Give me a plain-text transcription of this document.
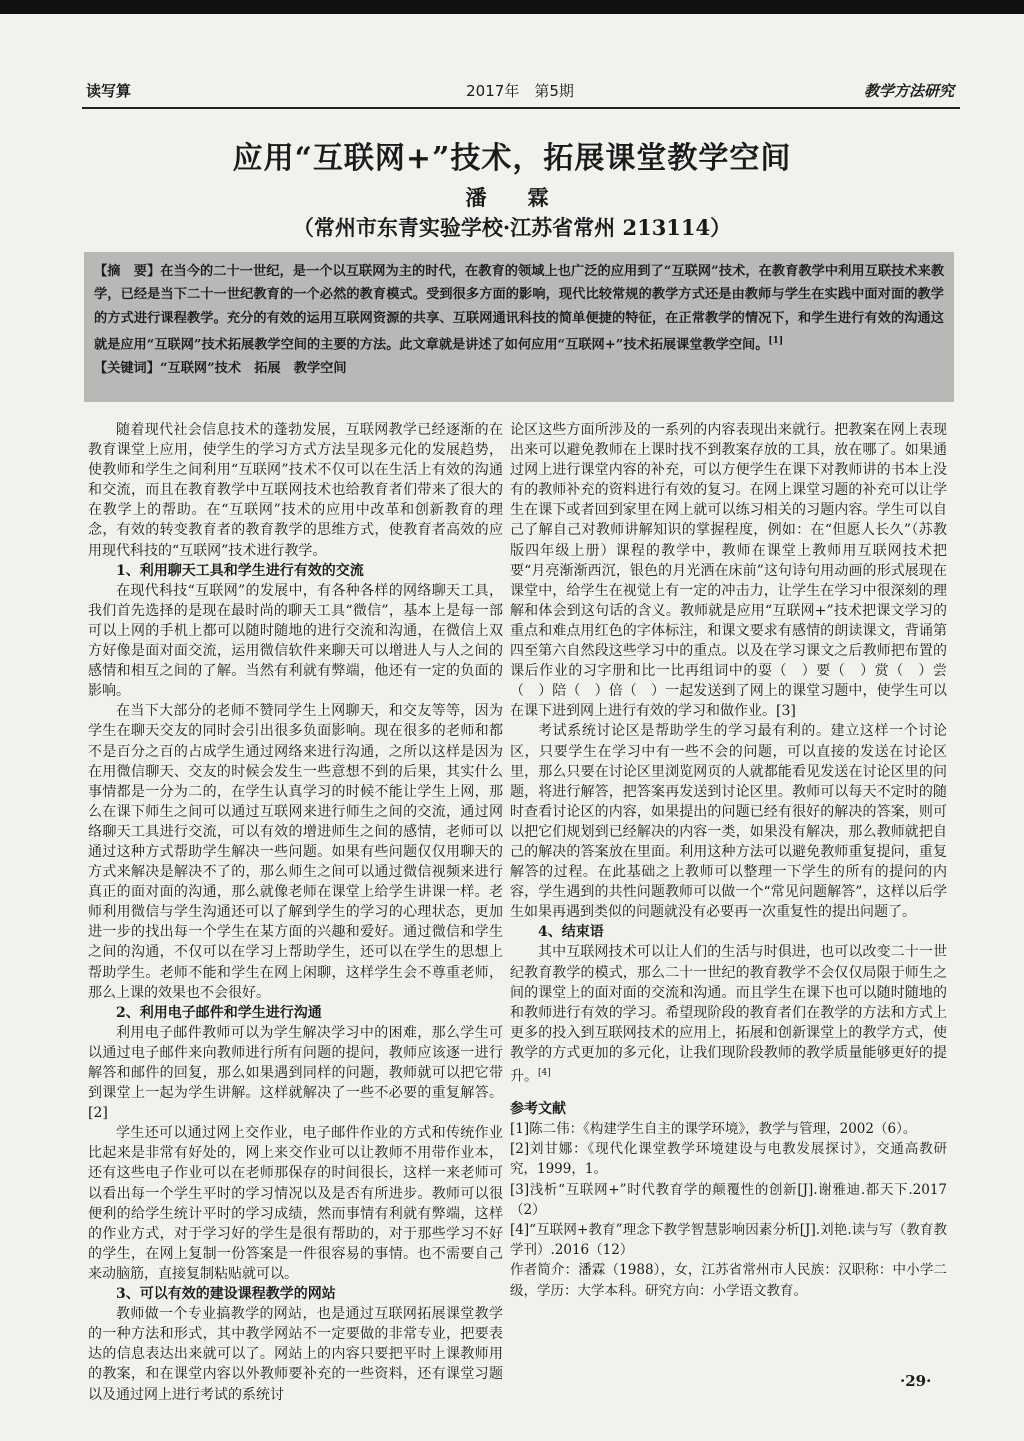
读写算	2017年　第5期	教学方法研究
应用“互联网+”技术，拓展课堂教学空间
潘　霖
（常州市东青实验学校·江苏省常州 213114）

【摘　要】在当今的二十一世纪，是一个以互联网为主的时代，在教育的领域上也广泛的应用到了“互联网”技术，在教育教学中利用互联技术来教学，已经是当下二十一世纪教育的一个必然的教育模式。受到很多方面的影响，现代比较常规的教学方式还是由教师与学生在实践中面对面的教学的方式进行课程教学。充分的有效的运用互联网资源的共享、互联网通讯科技的简单便捷的特征，在正常教学的情况下，和学生进行有效的沟通这就是应用“互联网”技术拓展教学空间的主要的方法。此文章就是讲述了如何应用“互联网+”技术拓展课堂教学空间。[1]

【关键词】“互联网”技术　拓展　教学空间

随着现代社会信息技术的蓬勃发展，互联网教学已经逐渐的在教育课堂上应用，使学生的学习方式方法呈现多元化的发展趋势，使教师和学生之间利用“互联网”技术不仅可以在生活上有效的沟通和交流，而且在教育教学中互联网技术也给教育者们带来了很大的在教学上的帮助。在“互联网”技术的应用中改革和创新教育的理念，有效的转变教育者的教育教学的思维方式，使教育者高效的应用现代科技的“互联网”技术进行教学。

1、利用聊天工具和学生进行有效的交流

在现代科技“互联网”的发展中，有各种各样的网络聊天工具，我们首先选择的是现在最时尚的聊天工具“微信”，基本上是每一部可以上网的手机上都可以随时随地的进行交流和沟通，在微信上双方好像是面对面交流，运用微信软件来聊天可以增进人与人之间的感情和相互之间的了解。当然有利就有弊端，他还有一定的负面的影响。

在当下大部分的老师不赞同学生上网聊天，和交友等等，因为学生在聊天交友的同时会引出很多负面影响。现在很多的老师和都不是百分之百的占成学生通过网络来进行沟通，之所以这样是因为在用微信聊天、交友的时候会发生一些意想不到的后果，其实什么事情都是一分为二的，在学生认真学习的时候不能让学生上网，那么在课下师生之间可以通过互联网来进行师生之间的交流，通过网络聊天工具进行交流，可以有效的增进师生之间的感情，老师可以通过这种方式帮助学生解决一些问题。如果有些问题仅仅用聊天的方式来解决是解决不了的，那么师生之间可以通过微信视频来进行真正的面对面的沟通，那么就像老师在课堂上给学生讲课一样。老师利用微信与学生沟通还可以了解到学生的学习的心理状态，更加进一步的找出每一个学生在某方面的兴趣和爱好。通过微信和学生之间的沟通，不仅可以在学习上帮助学生，还可以在学生的思想上帮助学生。老师不能和学生在网上闲聊，这样学生会不尊重老师，那么上课的效果也不会很好。

2、利用电子邮件和学生进行沟通

利用电子邮件教师可以为学生解决学习中的困难，那么学生可以通过电子邮件来向教师进行所有问题的提问，教师应该逐一进行解答和邮件的回复，那么如果遇到同样的问题，教师就可以把它带到课堂上一起为学生讲解。这样就解决了一些不必要的重复解答。[2]

学生还可以通过网上交作业，电子邮件作业的方式和传统作业比起来是非常有好处的，网上来交作业可以让教师不用带作业本，还有这些电子作业可以在老师那保存的时间很长，这样一来老师可以看出每一个学生平时的学习情况以及是否有所进步。教师可以很便利的给学生统计平时的学习成绩，然而事情有利就有弊端，这样的作业方式，对于学习好的学生是很有帮助的，对于那些学习不好的学生，在网上复制一份答案是一件很容易的事情。也不需要自己来动脑筋，直接复制粘贴就可以。

3、可以有效的建设课程教学的网站

教师做一个专业搞教学的网站，也是通过互联网拓展课堂教学的一种方法和形式，其中教学网站不一定要做的非常专业，把要表达的信息表达出来就可以了。网站上的内容只要把平时上课教师用的教案，和在课堂内容以外教师要补充的一些资料，还有课堂习题以及通过网上进行考试的系统讨

论区这些方面所涉及的一系列的内容表现出来就行。把教案在网上表现出来可以避免教师在上课时找不到教案存放的工具，放在哪了。如果通过网上进行课堂内容的补充，可以方便学生在课下对教师讲的书本上没有的教师补充的资料进行有效的复习。在网上课堂习题的补充可以让学生在课下或者回到家里在网上就可以练习相关的习题内容。学生可以自己了解自己对教师讲解知识的掌握程度，例如：在“但愿人长久”（苏教版四年级上册）课程的教学中，教师在课堂上教师用互联网技术把要“月亮渐渐西沉，银色的月光洒在床前”这句诗句用动画的形式展现在课堂中，给学生在视觉上有一定的冲击力，让学生在学习中很深刻的理解和体会到这句话的含义。教师就是应用“互联网+”技术把课文学习的重点和难点用红色的字体标注，和课文要求有感情的朗读课文，背诵第四至第六自然段这些学习中的重点。以及在学习课文之后教师把布置的课后作业的习字册和比一比再组词中的耍（　）要（　）赏（　）尝（　）陪（　）倍（　）一起发送到了网上的课堂习题中，使学生可以在课下进到网上进行有效的学习和做作业。[3]

考试系统讨论区是帮助学生的学习最有利的。建立这样一个讨论区，只要学生在学习中有一些不会的问题，可以直接的发送在讨论区里，那么只要在讨论区里浏览网页的人就都能看见发送在讨论区里的问题，将进行解答，把答案再发送到讨论区里。教师可以每天不定时的随时查看讨论区的内容，如果提出的问题已经有很好的解决的答案，则可以把它们规划到已经解决的内容一类，如果没有解决，那么教师就把自己的解决的答案放在里面。利用这种方法可以避免教师重复提问，重复解答的过程。在此基础之上教师可以整理一下学生的所有的提问的内容，学生遇到的共性问题教师可以做一个“常见问题解答”，这样以后学生如果再遇到类似的问题就没有必要再一次重复性的提出问题了。

4、结束语

其中互联网技术可以让人们的生活与时俱进，也可以改变二十一世纪教育教学的模式，那么二十一世纪的教育教学不会仅仅局限于师生之间的课堂上的面对面的交流和沟通。而且学生在课下也可以随时随地的和教师进行有效的学习。希望现阶段的教育者们在教学的方法和方式上更多的投入到互联网技术的应用上，拓展和创新课堂上的教学方式，使教学的方式更加的多元化，让我们现阶段教师的教学质量能够更好的提升。[4]

参考文献
[1]陈二伟：《构建学生自主的课学环境》，教学与管理，2002（6）。
[2]刘甘娜：《现代化课堂教学环境建设与电教发展探讨》，交通高教研究，1999，1。
[3]浅析“互联网+”时代教育学的颠覆性的创新[J].谢雅迪.都天下.2017（2）
[4]“互联网+教育”理念下教学智慧影响因素分析[J].刘艳.读与写（教育教学刊）.2016（12）
作者简介：潘霖（1988），女，江苏省常州市人民族：汉职称：中小学二级，学历：大学本科。研究方向：小学语文教育。
·29·
